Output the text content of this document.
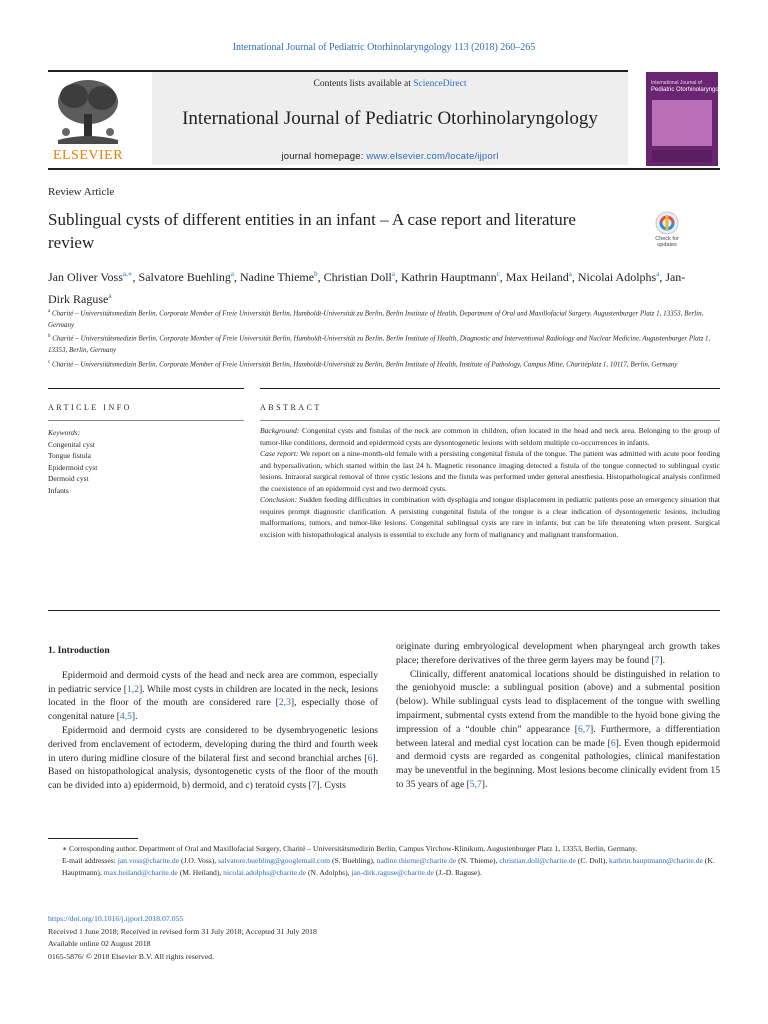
International Journal of Pediatric Otorhinolaryngology 113 (2018) 260–265
ELSEVIER
Contents lists available at ScienceDirect
International Journal of Pediatric Otorhinolaryngology
journal homepage: www.elsevier.com/locate/ijporl
International Journal of
Pediatric Otorhinolaryngology
Review Article
Sublingual cysts of different entities in an infant – A case report and literature review	Check for updates
Jan Oliver Voss$^{a,∗}$, Salvatore Buehling$^a$, Nadine Thieme$^b$, Christian Doll$^a$, Kathrin Hauptmann$^c$, Max Heiland$^a$, Nicolai Adolphs$^a$, Jan-Dirk Raguse$^a$
$^a$ Charité – Universitätsmedizin Berlin, Corporate Member of Freie Universität Berlin, Humboldt-Universität zu Berlin, Berlin Institute of Health, Department of Oral and Maxillofacial Surgery, Augustenburger Platz 1, 13353, Berlin, Germany
$^b$ Charité – Universitätsmedizin Berlin, Corporate Member of Freie Universität Berlin, Humboldt-Universität zu Berlin, Berlin Institute of Health, Diagnostic and Interventional Radiology and Nuclear Medicine, Augustenburger Platz 1, 13353, Berlin, Germany
$^c$ Charité – Universitätsmedizin Berlin, Corporate Member of Freie Universität Berlin, Humboldt-Universität zu Berlin, Berlin Institute of Health, Institute of Pathology, Campus Mitte, Charitéplatz 1, 10117, Berlin, Germany
ARTICLE INFO	ABSTRACT
Keywords:
Congenital cyst
Tongue fistula
Epidermoid cyst
Dermoid cyst
Infants
Background: Congenital cysts and fistulas of the neck are common in children, often located in the head and neck area. Belonging to the group of tumor-like conditions, dermoid and epidermoid cysts are dysontogenetic lesions with seldom multiple co-occurrences in infants.
Case report: We report on a nine-month-old female with a persisting congenital fistula of the tongue. The patient was admitted with acute poor feeding and hypersalivation, which started within the last 24 h. Magnetic resonance imaging detected a fistula of the tongue connected to sublingual cystic lesions. Intraoral surgical removal of three cystic lesions and the fistula was performed under general anesthesia. Histopathological analysis confirmed the coexistence of an epidermoid cyst and two dermoid cysts.
Conclusion: Sudden feeding difficulties in combination with dysphagia and tongue displacement in pediatric patients pose an emergency situation that requires prompt diagnostic clarification. A persisting congenital fistula of the tongue is a clear indication of dysontogenetic lesions, including malformations, tumors, and tumor-like lesions. Congenital sublingual cysts are rare in infants, but can be life threatening when present. Surgical excision with histopathological analysis is essential to exclude any form of malignancy and malignant transformation.
1. Introduction

Epidermoid and dermoid cysts of the head and neck area are common, especially in pediatric service [1,2]. While most cysts in children are located in the neck, lesions located in the floor of the mouth are considered rare [2,3], especially those of congenital nature [4,5].

Epidermoid and dermoid cysts are considered to be dysembryogenetic lesions derived from enclavement of ectoderm, developing during the third and fourth week in utero during midline closure of the bilateral first and second branchial arches [6]. Based on histopathological analysis, dysontogenetic cysts of the floor of the mouth can be divided into a) epidermoid, b) dermoid, and c) teratoid cysts [7]. Cysts

originate during embryological development when pharyngeal arch growth takes place; therefore derivatives of the three germ layers may be found [7].

Clinically, different anatomical locations should be distinguished in relation to the geniohyoid muscle: a sublingual position (above) and a submental position (below). While sublingual cysts lead to displacement of the tongue with swelling impairment, submental cysts extend from the mandible to the hyoid bone giving the impression of a “double chin” appearance [6,7]. Furthermore, a differentiation between lateral and medial cyst location can be made [6]. Even though epidermoid and dermoid cysts are regarded as congenital pathologies, clinical manifestation may be uneventful in the beginning. Most lesions become clinically evident from 15 to 35 years of age [5,7].

∗ Corresponding author. Department of Oral and Maxillofacial Surgery, Charité – Universitätsmedizin Berlin, Campus Virchow-Klinikum, Augustenburger Platz 1, 13353, Berlin, Germany.
E-mail addresses: jan.voss@charite.de (J.O. Voss), salvatore.buehling@googlemail.com (S. Buehling), nadine.thieme@charite.de (N. Thieme), christian.doll@charite.de (C. Doll), kathrin.hauptmann@charite.de (K. Hauptmann), max.heiland@charite.de (M. Heiland), nicolai.adolphs@charite.de (N. Adolphs), jan-dirk.raguse@charite.de (J.-D. Raguse).
https://doi.org/10.1016/j.ijporl.2018.07.055
Received 1 June 2018; Received in revised form 31 July 2018; Accepted 31 July 2018
Available online 02 August 2018
0165-5876/ © 2018 Elsevier B.V. All rights reserved.
